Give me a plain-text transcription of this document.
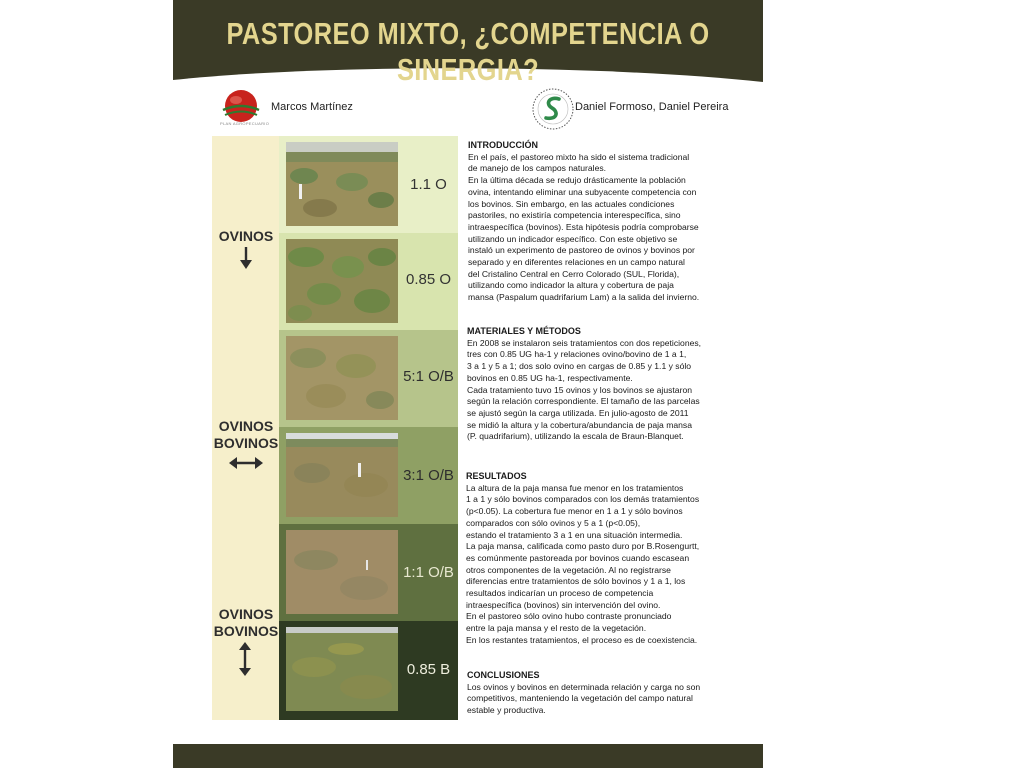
PASTOREO MIXTO, ¿COMPETENCIA O SINERGIA?
PLAN AGROPECUARIO
Marcos Martínez	Daniel Formoso, Daniel Pereira
OVINOS
OVINOS
BOVINOS
OVINOS
BOVINOS
1.1 O
0.85 O
5:1 O/B
3:1 O/B
1:1 O/B
0.85 B
INTRODUCCIÓN
En el país, el pastoreo mixto ha sido el sistema tradicional
de manejo de los campos naturales.
En la última década se redujo drásticamente la población
ovina, intentando eliminar una subyacente competencia con
los bovinos. Sin embargo, en las actuales condiciones
pastoriles, no existiría competencia interespecífica, sino
intraespecífica (bovinos). Esta hipótesis podría comprobarse
utilizando un indicador específico. Con este objetivo se
instaló un experimento de pastoreo de ovinos y bovinos por
separado y en diferentes relaciones en un campo natural
del Cristalino Central en Cerro Colorado (SUL, Florida),
utilizando como indicador la altura y cobertura de paja
mansa (Paspalum quadrifarium Lam) a la salida del invierno.
MATERIALES Y MÉTODOS
En 2008 se instalaron seis tratamientos con dos repeticiones,
tres con 0.85 UG ha-1 y relaciones ovino/bovino de 1 a 1,
3 a 1 y 5 a 1; dos solo ovino en cargas de 0.85 y 1.1 y sólo
bovinos en 0.85 UG ha-1, respectivamente.
Cada tratamiento tuvo 15 ovinos y los bovinos se ajustaron
según la relación correspondiente. El tamaño de las parcelas
se ajustó según la carga utilizada. En julio-agosto de 2011
se midió la altura y la cobertura/abundancia de paja mansa
(P. quadrifarium), utilizando la escala de Braun-Blanquet.
RESULTADOS
La altura de la paja mansa fue menor en los tratamientos
1 a 1 y sólo bovinos comparados con los demás tratamientos
(p<0.05). La cobertura fue menor en 1 a 1 y sólo bovinos
comparados con sólo ovinos y 5 a 1 (p<0.05),
estando el tratamiento 3 a 1 en una situación intermedia.
La paja mansa, calificada como pasto duro por B.Rosengurtt,
es comúnmente pastoreada por bovinos cuando escasean
otros componentes de la vegetación. Al no registrarse
diferencias entre tratamientos de sólo bovinos y 1 a 1, los
resultados indicarían un proceso de competencia
intraespecífica (bovinos) sin intervención del ovino.
En el pastoreo sólo ovino hubo contraste pronunciado
entre la paja mansa y el resto de la vegetación.
En los restantes tratamientos, el proceso es de coexistencia.
CONCLUSIONES
Los ovinos y bovinos en determinada relación y carga no son
competitivos, manteniendo la vegetación del campo natural
estable y productiva.
